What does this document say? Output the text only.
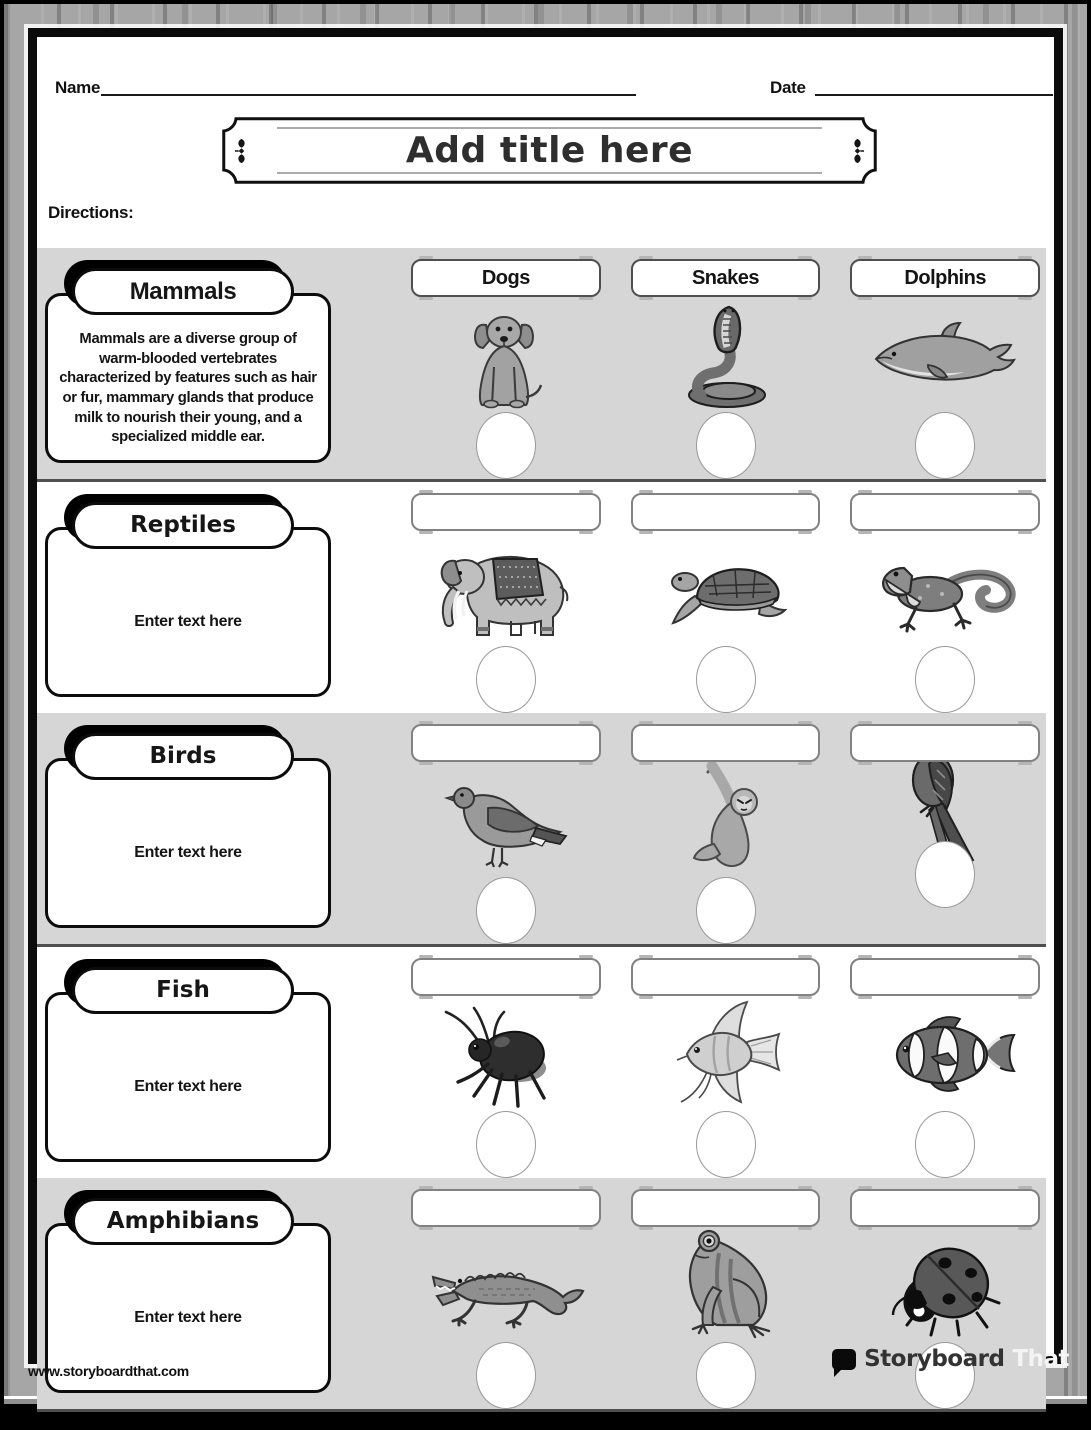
Name	Date
Add title here
Directions:
Mammals
Mammals are a diverse group of warm-blooded vertebrates characterized by features such as hair or fur, mammary glands that produce milk to nourish their young, and a specialized middle ear.
Dogs	Snakes	Dolphins
Reptiles
Enter text here
Birds
Enter text here
Fish
Enter text here
Amphibians
Enter text here
www.storyboardthat.com	Storyboard That
